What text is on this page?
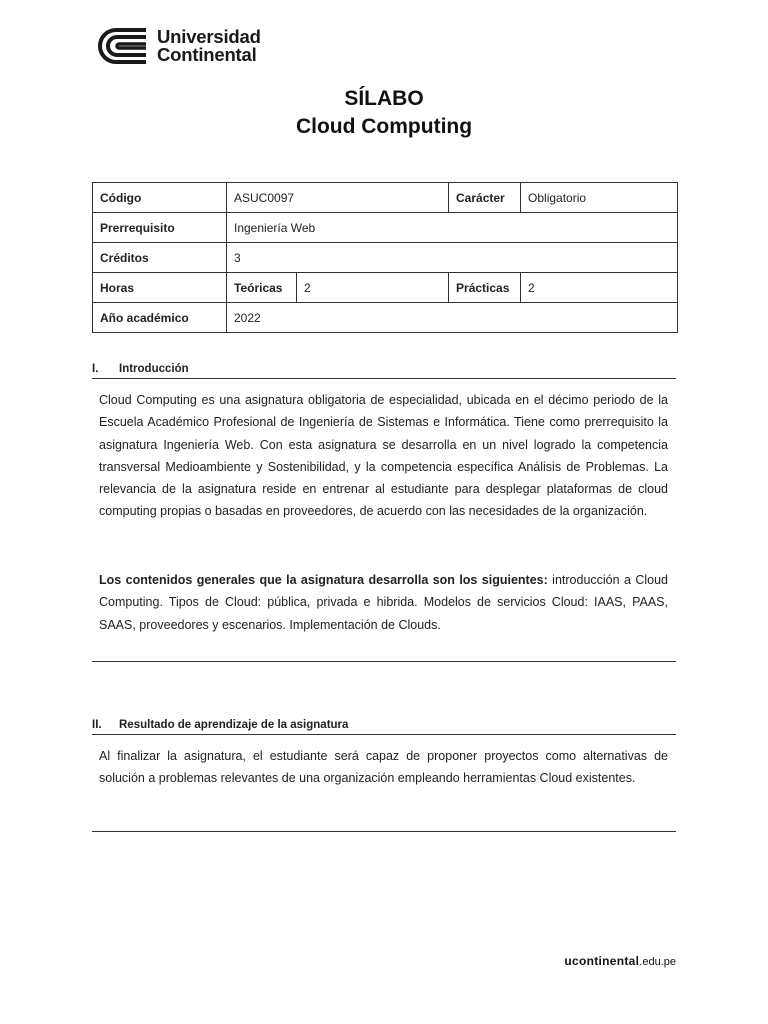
Universidad
Continental
SÍLABO
Cloud Computing
Código	ASUC0097		Carácter	Obligatorio
Prerrequisito	Ingeniería Web			
Créditos	3			
Horas	Teóricas	2	Prácticas	2
Año académico	2022			
I. Introducción
Cloud Computing es una asignatura obligatoria de especialidad, ubicada en el décimo periodo de la Escuela Académico Profesional de Ingeniería de Sistemas e Informática. Tiene como prerrequisito la asignatura Ingeniería Web. Con esta asignatura se desarrolla en un nivel logrado la competencia transversal Medioambiente y Sostenibilidad, y la competencia específica Análisis de Problemas. La relevancia de la asignatura reside en entrenar al estudiante para desplegar plataformas de cloud computing propias o basadas en proveedores, de acuerdo con las necesidades de la organización.
Los contenidos generales que la asignatura desarrolla son los siguientes: introducción a Cloud Computing. Tipos de Cloud: pública, privada e hibrida. Modelos de servicios Cloud: IAAS, PAAS, SAAS, proveedores y escenarios. Implementación de Clouds.
II. Resultado de aprendizaje de la asignatura
Al finalizar la asignatura, el estudiante será capaz de proponer proyectos como alternativas de solución a problemas relevantes de una organización empleando herramientas Cloud existentes.
ucontinental.edu.pe
